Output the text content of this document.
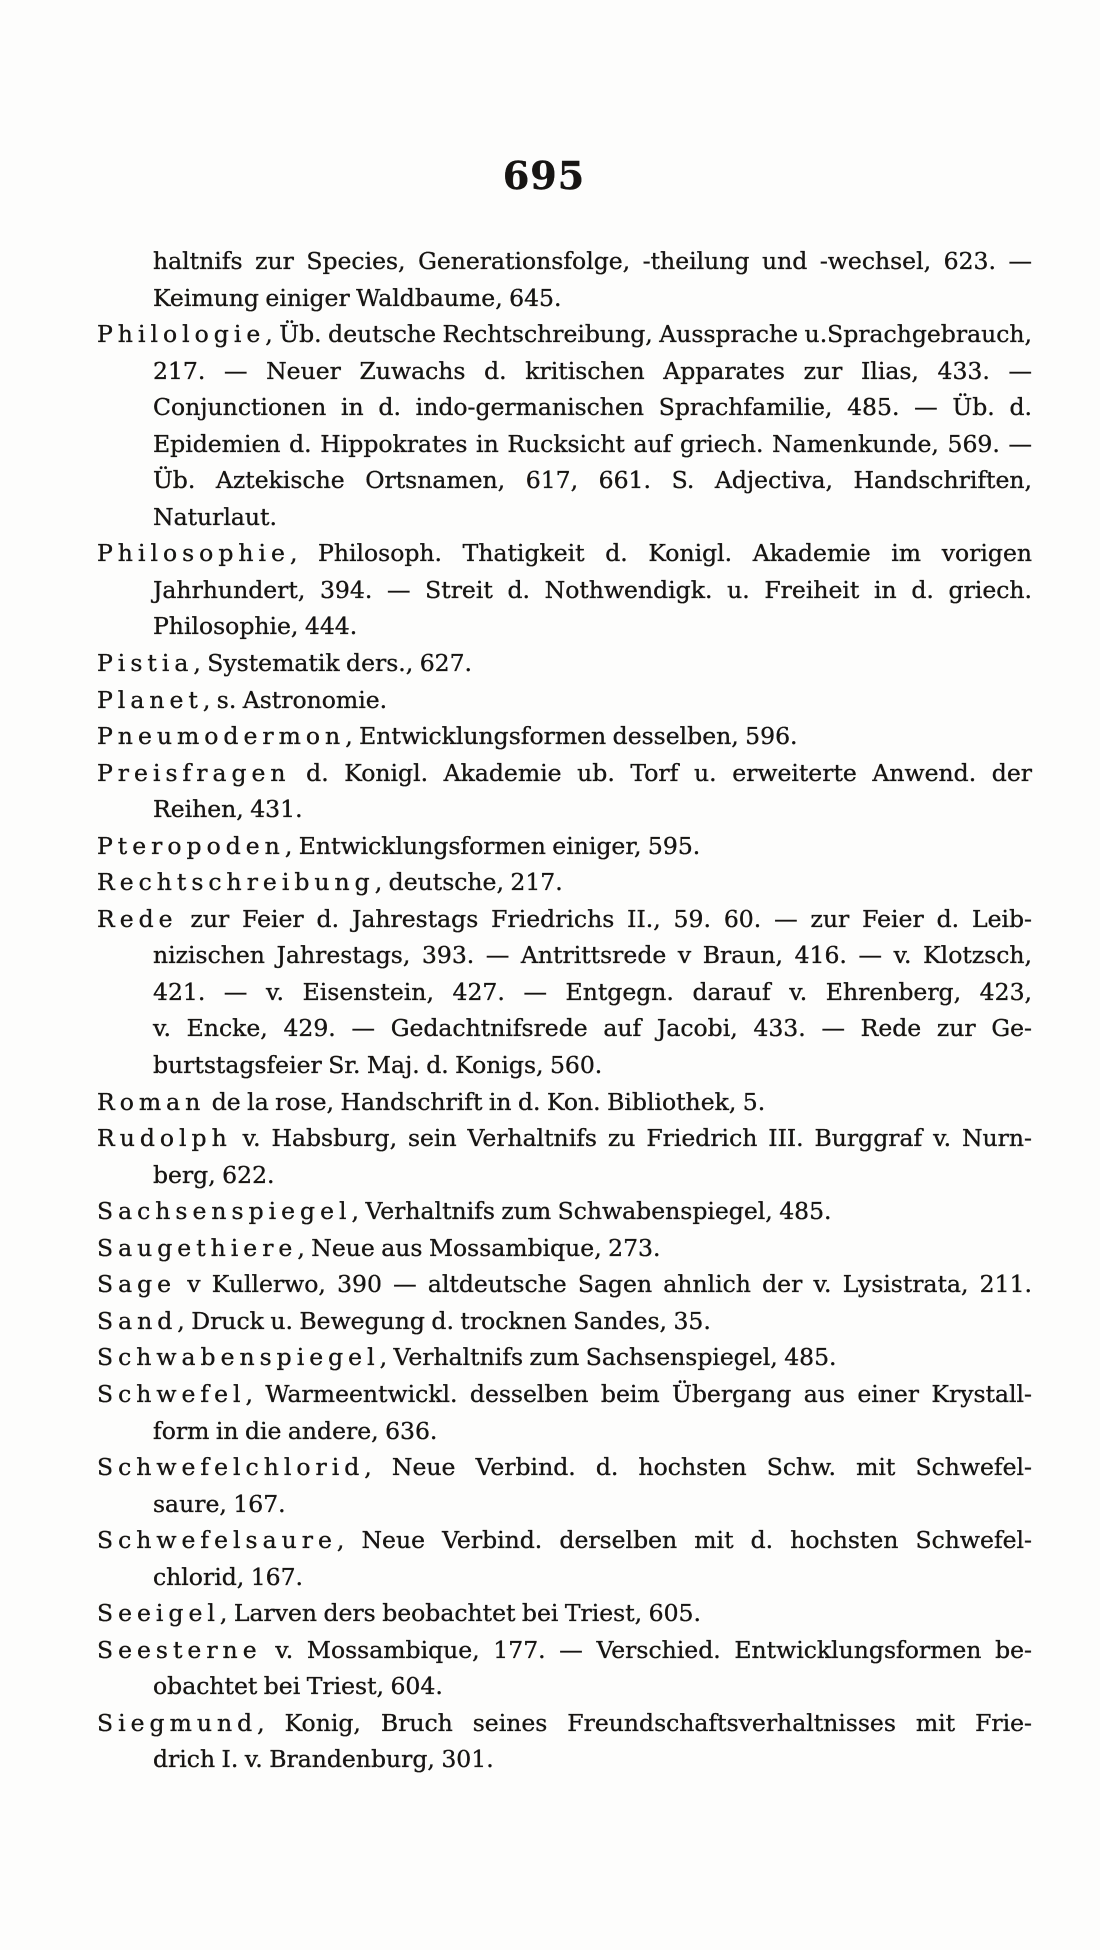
695
haltnifs zur Species, Generationsfolge, -theilung und -wechsel, 623. —
Keimung einiger Waldbaume, 645.
Philologie, Üb. deutsche Rechtschreibung, Aussprache u.Sprachgebrauch,
217. — Neuer Zuwachs d. kritischen Apparates zur Ilias, 433. —
Conjunctionen in d. indo-germanischen Sprachfamilie, 485. — Üb. d.
Epidemien d. Hippokrates in Rucksicht auf griech. Namenkunde, 569. —
Üb. Aztekische Ortsnamen, 617, 661. S. Adjectiva, Handschriften,
Naturlaut.
Philosophie, Philosoph. Thatigkeit d. Konigl. Akademie im vorigen
Jahrhundert, 394. — Streit d. Nothwendigk. u. Freiheit in d. griech.
Philosophie, 444.
Pistia, Systematik ders., 627.
Planet, s. Astronomie.
Pneumodermon, Entwicklungsformen desselben, 596.
Preisfragen d. Konigl. Akademie ub. Torf u. erweiterte Anwend. der
Reihen, 431.
Pteropoden, Entwicklungsformen einiger, 595.
Rechtschreibung, deutsche, 217.
Rede zur Feier d. Jahrestags Friedrichs II., 59. 60. — zur Feier d. Leib-
nizischen Jahrestags, 393. — Antrittsrede v Braun, 416. — v. Klotzsch,
421. — v. Eisenstein, 427. — Entgegn. darauf v. Ehrenberg, 423,
v. Encke, 429. — Gedachtnifsrede auf Jacobi, 433. — Rede zur Ge-
burtstagsfeier Sr. Maj. d. Konigs, 560.
Roman de la rose, Handschrift in d. Kon. Bibliothek, 5.
Rudolph v. Habsburg, sein Verhaltnifs zu Friedrich III. Burggraf v. Nurn-
berg, 622.
Sachsenspiegel, Verhaltnifs zum Schwabenspiegel, 485.
Saugethiere, Neue aus Mossambique, 273.
Sage v Kullerwo, 390 — altdeutsche Sagen ahnlich der v. Lysistrata, 211.
Sand, Druck u. Bewegung d. trocknen Sandes, 35.
Schwabenspiegel, Verhaltnifs zum Sachsenspiegel, 485.
Schwefel, Warmeentwickl. desselben beim Übergang aus einer Krystall-
form in die andere, 636.
Schwefelchlorid, Neue Verbind. d. hochsten Schw. mit Schwefel-
saure, 167.
Schwefelsaure, Neue Verbind. derselben mit d. hochsten Schwefel-
chlorid, 167.
Seeigel, Larven ders beobachtet bei Triest, 605.
Seesterne v. Mossambique, 177. — Verschied. Entwicklungsformen be-
obachtet bei Triest, 604.
Siegmund, Konig, Bruch seines Freundschaftsverhaltnisses mit Frie-
drich I. v. Brandenburg, 301.
